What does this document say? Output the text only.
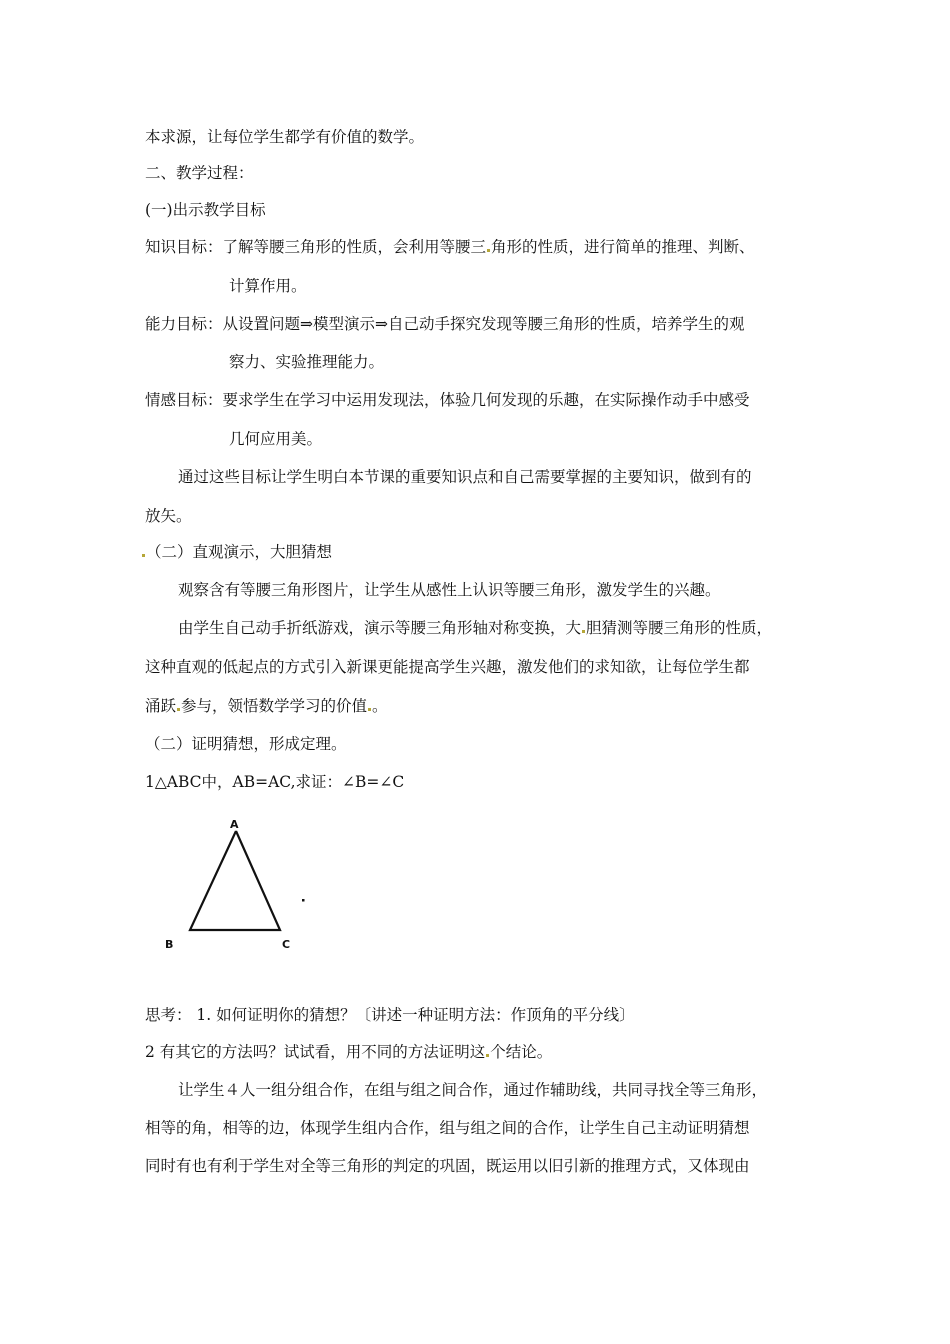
本求源，让每位学生都学有价值的数学。
二、教学过程：
(一)出示教学目标
知识目标：了解等腰三角形的性质，会利用等腰三 角形的性质，进行简单的推理、判断、
计算作用。
能力目标：从设置问题⇒模型演示⇒自己动手探究发现等腰三角形的性质，培养学生的观
察力、实验推理能力。
情感目标：要求学生在学习中运用发现法，体验几何发现的乐趣，在实际操作动手中感受
几何应用美。
通过这些目标让学生明白本节课的重要知识点和自己需要掌握的主要知识，做到有的
放矢。
（二）直观演示，大胆猜想
观察含有等腰三角形图片，让学生从感性上认识等腰三角形，激发学生的兴趣。
由学生自己动手折纸游戏，演示等腰三角形轴对称变换，大 胆猜测等腰三角形的性质，
这种直观的低起点的方式引入新课更能提高学生兴趣，激发他们的求知欲，让每位学生都
涌跃 参与，领悟数学学习的价值 。
（二）证明猜想，形成定理。
1△ABC中，AB=AC,求证：∠B=∠C
A
B	C
思考： 1. 如何证明你的猜想？〔讲述一种证明方法：作顶角的平分线〕
2 有其它的方法吗？试试看，用不同的方法证明这 个结论。
让学生４人一组分组合作，在组与组之间合作，通过作辅助线，共同寻找全等三角形，
相等的角，相等的边，体现学生组内合作，组与组之间的合作，让学生自己主动证明猜想
同时有也有利于学生对全等三角形的判定的巩固，既运用以旧引新的推理方式，又体现由
